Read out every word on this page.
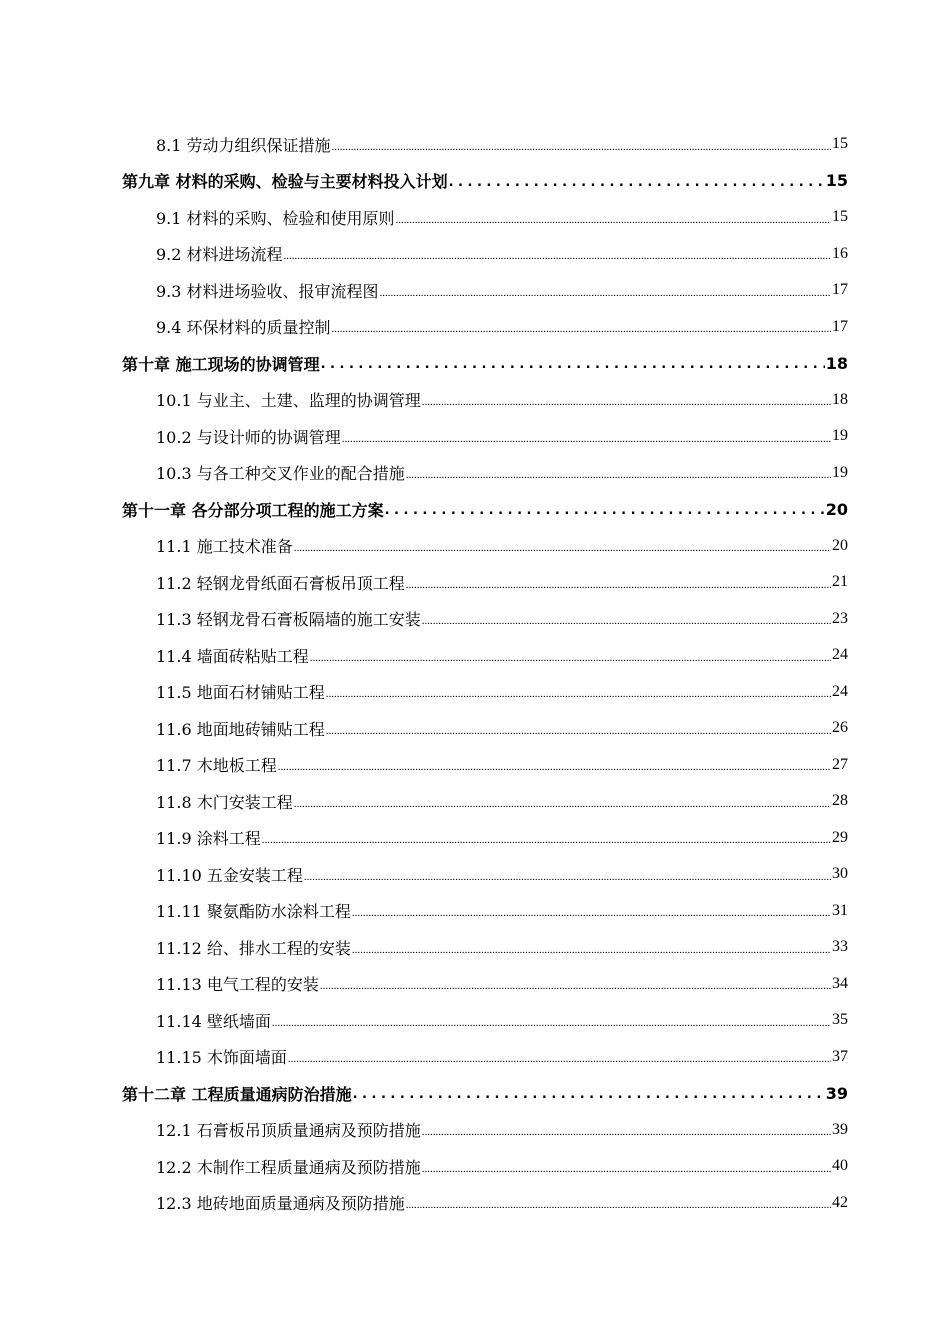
8.1 劳动力组织保证措施 .....	15
第九章 材料的采购、检验与主要材料投入计划 . . .	15
9.1 材料的采购、检验和使用原则 .....	15
9.2 材料进场流程 .....	16
9.3 材料进场验收、报审流程图 .....	17
9.4 环保材料的质量控制 .....	17
第十章 施工现场的协调管理 . . .	18
10.1 与业主、土建、监理的协调管理 .....	18
10.2 与设计师的协调管理 .....	19
10.3 与各工种交叉作业的配合措施 .....	19
第十一章 各分部分项工程的施工方案 . . .	20
11.1 施工技术准备 .....	20
11.2 轻钢龙骨纸面石膏板吊顶工程 .....	21
11.3 轻钢龙骨石膏板隔墙的施工安装 .....	23
11.4 墙面砖粘贴工程 .....	24
11.5 地面石材铺贴工程 .....	24
11.6 地面地砖铺贴工程 .....	26
11.7 木地板工程 .....	27
11.8 木门安装工程 .....	28
11.9 涂料工程 .....	29
11.10 五金安装工程 .....	30
11.11 聚氨酯防水涂料工程 .....	31
11.12 给、排水工程的安装 .....	33
11.13 电气工程的安装 .....	34
11.14 壁纸墙面 .....	35
11.15 木饰面墙面 .....	37
第十二章 工程质量通病防治措施 . . .	39
12.1 石膏板吊顶质量通病及预防措施 .....	39
12.2 木制作工程质量通病及预防措施 .....	40
12.3 地砖地面质量通病及预防措施 .....	42
